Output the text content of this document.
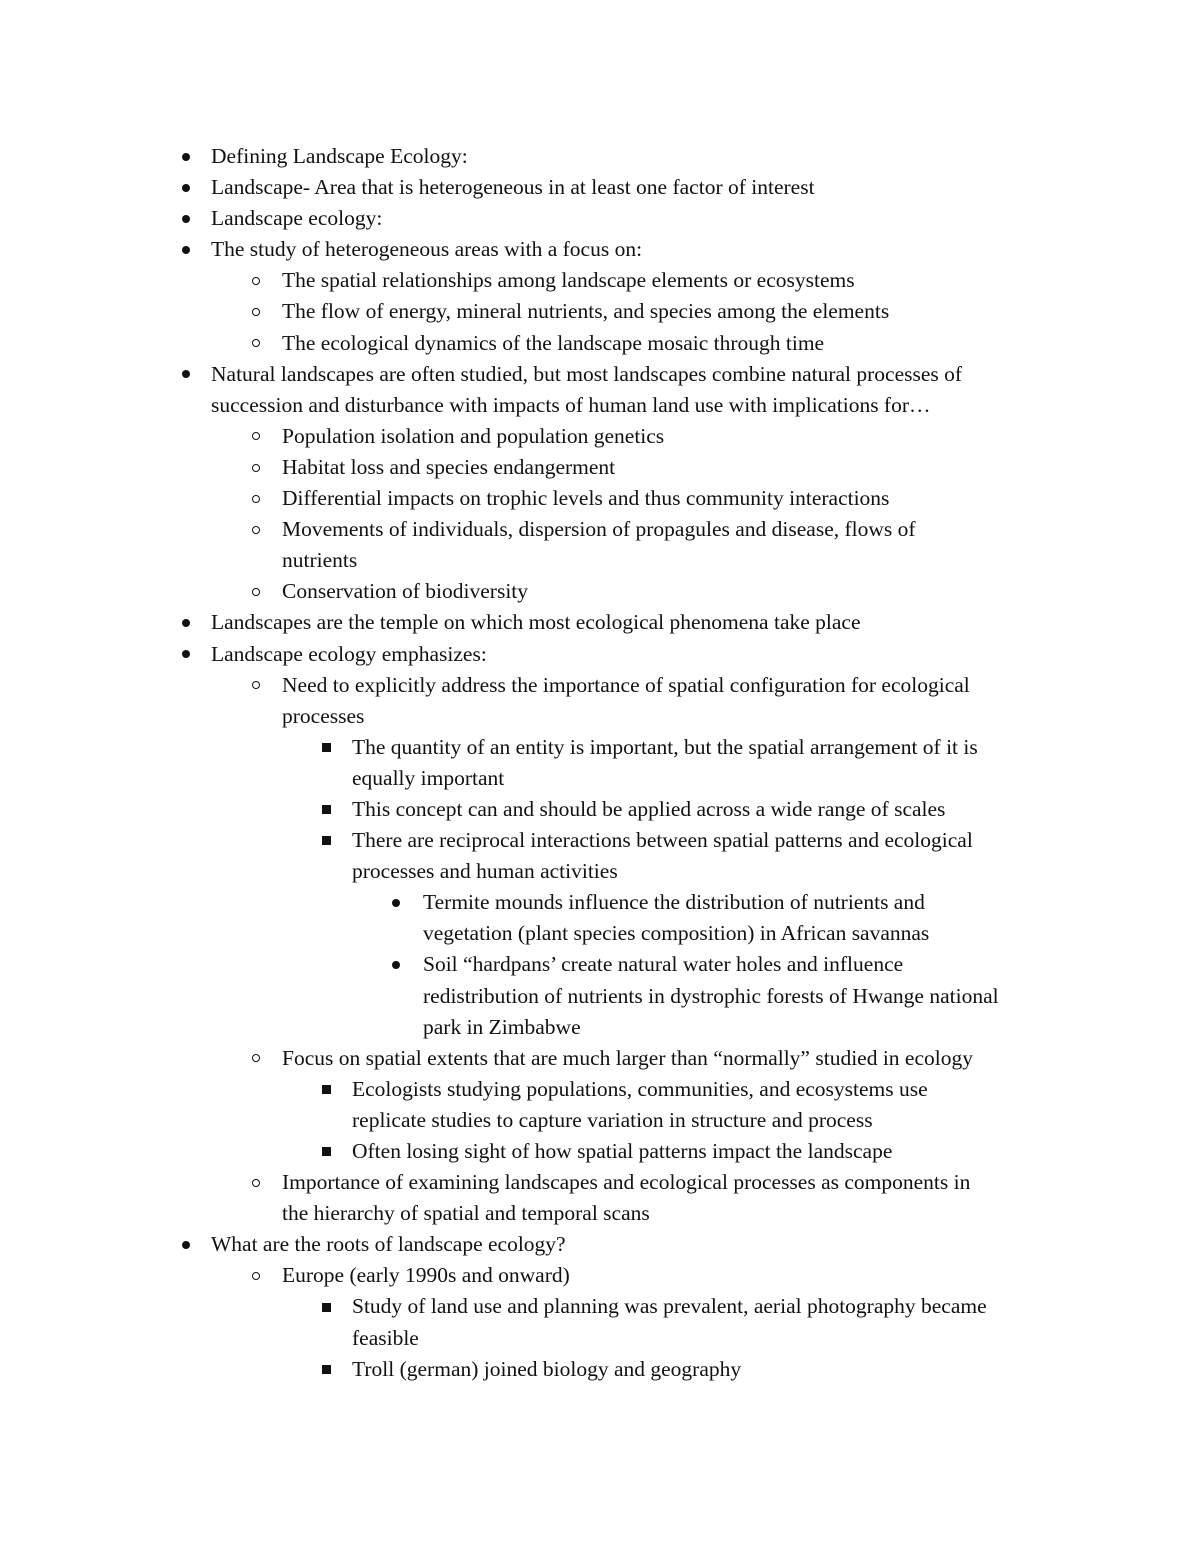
Defining Landscape Ecology:
Landscape- Area that is heterogeneous in at least one factor of interest
Landscape ecology:
The study of heterogeneous areas with a focus on:
The spatial relationships among landscape elements or ecosystems
The flow of energy, mineral nutrients, and species among the elements
The ecological dynamics of the landscape mosaic through time
Natural landscapes are often studied, but most landscapes combine natural processes of
succession and disturbance with impacts of human land use with implications for…
Population isolation and population genetics
Habitat loss and species endangerment
Differential impacts on trophic levels and thus community interactions
Movements of individuals, dispersion of propagules and disease, flows of
nutrients
Conservation of biodiversity
Landscapes are the temple on which most ecological phenomena take place
Landscape ecology emphasizes:
Need to explicitly address the importance of spatial configuration for ecological
processes
The quantity of an entity is important, but the spatial arrangement of it is
equally important
This concept can and should be applied across a wide range of scales
There are reciprocal interactions between spatial patterns and ecological
processes and human activities
Termite mounds influence the distribution of nutrients and
vegetation (plant species composition) in African savannas
Soil “hardpans’ create natural water holes and influence
redistribution of nutrients in dystrophic forests of Hwange national
park in Zimbabwe
Focus on spatial extents that are much larger than “normally” studied in ecology
Ecologists studying populations, communities, and ecosystems use
replicate studies to capture variation in structure and process
Often losing sight of how spatial patterns impact the landscape
Importance of examining landscapes and ecological processes as components in
the hierarchy of spatial and temporal scans
What are the roots of landscape ecology?
Europe (early 1990s and onward)
Study of land use and planning was prevalent, aerial photography became
feasible
Troll (german) joined biology and geography
